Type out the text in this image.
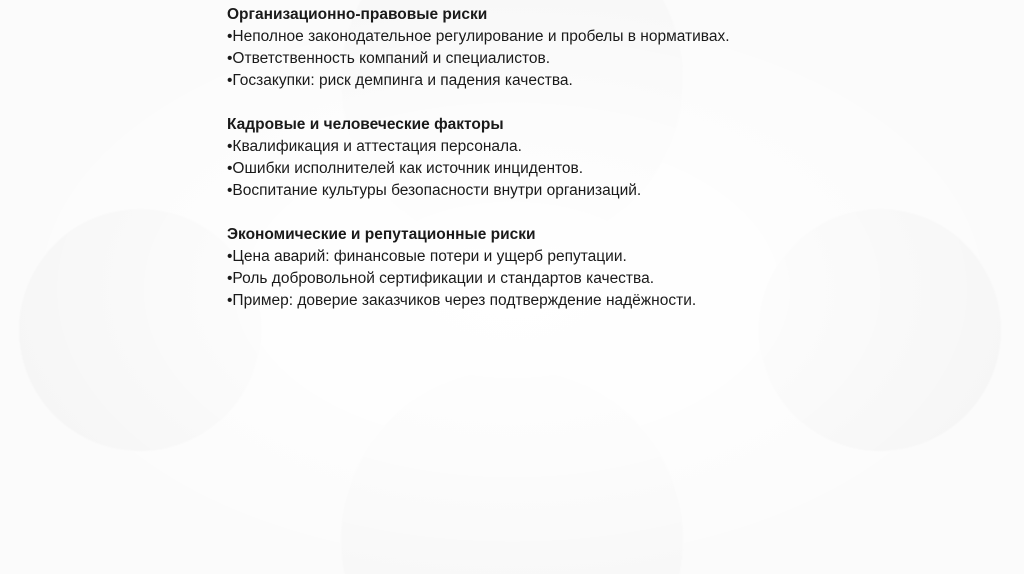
Организационно-правовые риски

•Неполное законодательное регулирование и пробелы в нормативах.

•Ответственность компаний и специалистов.

•Госзакупки: риск демпинга и падения качества.

Кадровые и человеческие факторы

•Квалификация и аттестация персонала.

•Ошибки исполнителей как источник инцидентов.

•Воспитание культуры безопасности внутри организаций.

Экономические и репутационные риски

•Цена аварий: финансовые потери и ущерб репутации.

•Роль добровольной сертификации и стандартов качества.

•Пример: доверие заказчиков через подтверждение надёжности.
